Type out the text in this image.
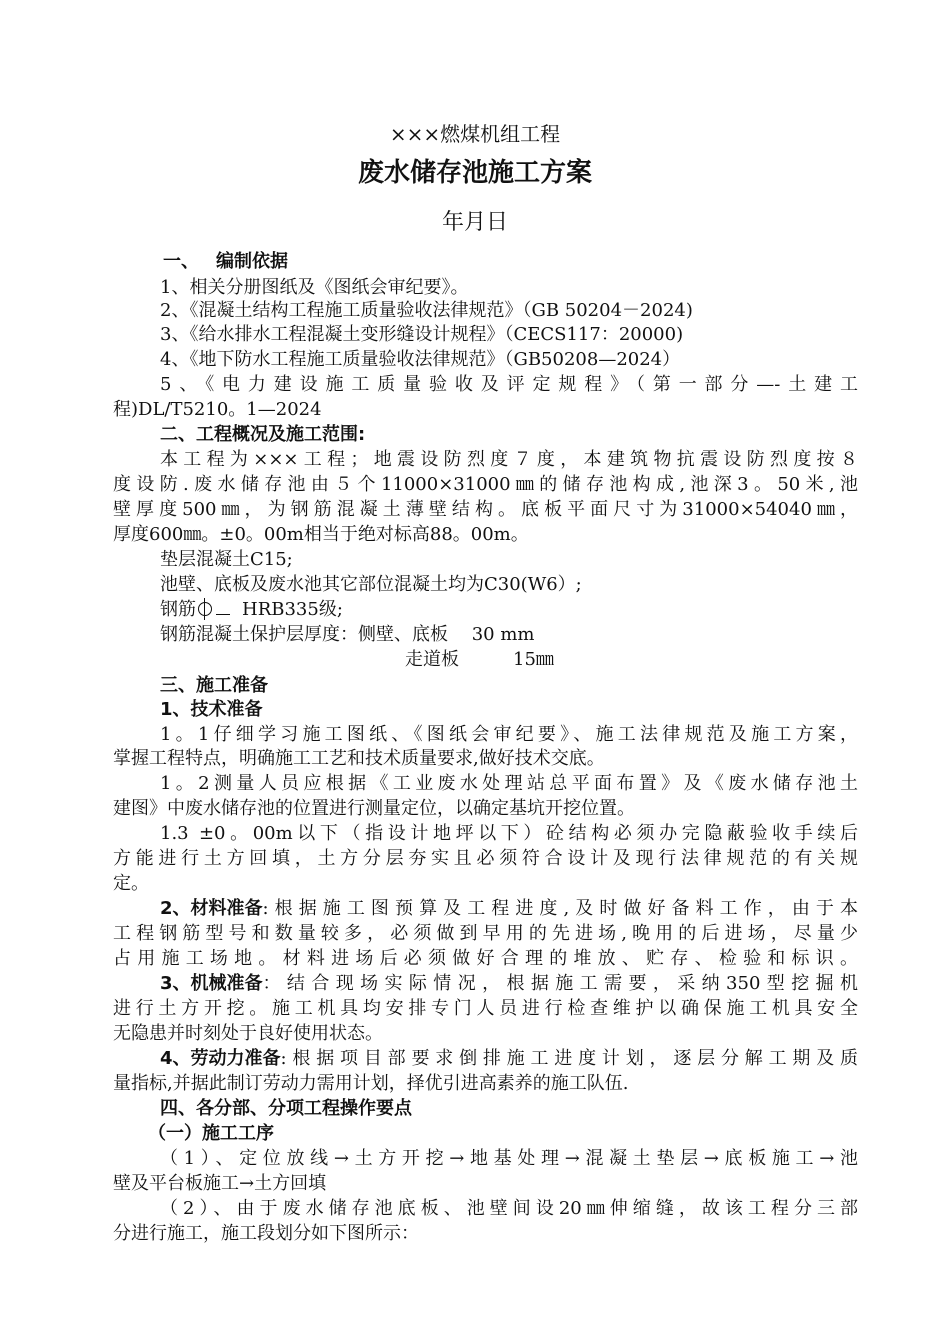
×××燃煤机组工程
废水储存池施工方案
年月日
一、 编制依据
1、相关分册图纸及《图纸会审纪要》。
2、《混凝土结构工程施工质量验收法律规范》（GB 50204－2024)
3、《给水排水工程混凝土变形缝设计规程》（CECS117：20000)
4、《地下防水工程施工质量验收法律规范》（GB50208—2024）
5、《电力建设施工质量验收及评定规程》（第一部分—-土建工
程)DL/T5210。1—2024
二、工程概况及施工范围:
本工程为×××工程；地震设防烈度７度，本建筑物抗震设防烈度按８
度设防.废水储存池由５个11000×31000㎜的储存池构成,池深3。50米,池
壁厚度500㎜，为钢筋混凝土薄壁结构。底板平面尺寸为31000×54040㎜，
厚度600㎜。±0。00m相当于绝对标高88。00m。
垫层混凝土C15;
池壁、底板及废水池其它部位混凝土均为C30(W6）;
钢筋	HRB335级;
钢筋混凝土保护层厚度：侧壁、底板　 30 mm
走道板　　　15㎜
三、施工准备
1、技术准备
1。1仔细学习施工图纸、《图纸会审纪要》、施工法律规范及施工方案，
掌握工程特点，明确施工工艺和技术质量要求,做好技术交底。
1。2测量人员应根据《工业废水处理站总平面布置》及《废水储存池土
建图》中废水储存池的位置进行测量定位，以确定基坑开挖位置。
1.3 ±0。00m以下（指设计地坪以下）砼结构必须办完隐蔽验收手续后
方能进行土方回填，土方分层夯实且必须符合设计及现行法律规范的有关规
定。
2、材料准备 :根据施工图预算及工程进度,及时做好备料工作，由于本
工程钢筋型号和数量较多，必须做到早用的先进场,晚用的后进场，尽量少
占用施工场地。材料进场后必须做好合理的堆放、贮存、检验和标识。
3、机械准备 ：结合现场实际情况，根据施工需要，采纳350型挖掘机
进行土方开挖。施工机具均安排专门人员进行检查维护以确保施工机具安全
无隐患并时刻处于良好使用状态。
4、劳动力准备 :根据项目部要求倒排施工进度计划，逐层分解工期及质
量指标,并据此制订劳动力需用计划，择优引进高素养的施工队伍.
四、各分部、分项工程操作要点
（一）施工工序
（1）、定位放线→土方开挖→地基处理→混凝土垫层→底板施工→池
壁及平台板施工→土方回填
（2）、由于废水储存池底板、池壁间设20㎜伸缩缝，故该工程分三部
分进行施工，施工段划分如下图所示：
